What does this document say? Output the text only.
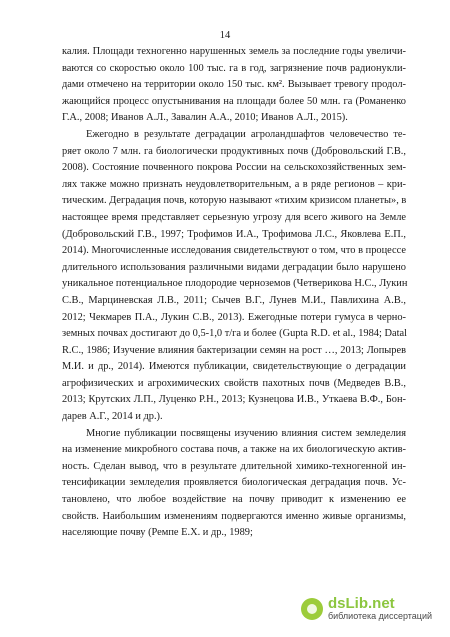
14
калия. Площади техногенно нарушенных земель за последние годы увеличи-
ваются со скоростью около 100 тыс. га в год, загрязнение почв радионукли-
дами отмечено на территории около 150 тыс. км². Вызывает тревогу продол-
жающийся процесс опустынивания на площади более 50 млн. га (Романенко
Г.А., 2008; Иванов А.Л., Завалин А.А., 2010; Иванов А.Л., 2015).
Ежегодно в результате деградации агроландшафтов человечество те-
ряет около 7 млн. га биологически продуктивных почв (Добровольский Г.В.,
2008). Состояние почвенного покрова России на сельскохозяйственных зем-
лях также можно признать неудовлетворительным, а в ряде регионов – кри-
тическим. Деградация почв, которую называют «тихим кризисом планеты», в
настоящее время представляет серьезную угрозу для всего живого на Земле
(Добровольский Г.В., 1997; Трофимов И.А., Трофимова Л.С., Яковлева Е.П.,
2014). Многочисленные исследования свидетельствуют о том, что в процессе
длительного использования различными видами деградации было нарушено
уникальное потенциальное плодородие черноземов (Четверикова Н.С., Лукин
С.В., Марциневская Л.В., 2011; Сычев В.Г., Лунев М.И., Павлихина А.В.,
2012; Чекмарев П.А., Лукин С.В., 2013). Ежегодные потери гумуса в черно-
земных почвах достигают до 0,5-1,0 т/га и более (Gupta R.D. et al., 1984; Datal
R.C., 1986; Изучение влияния бактеризации семян на рост …, 2013; Лопырев
М.И. и др., 2014). Имеются публикации, свидетельствующие о деградации
агрофизических и агрохимических свойств пахотных почв (Медведев В.В.,
2013; Крутских Л.П., Луценко Р.Н., 2013; Кузнецова И.В., Уткаева В.Ф., Бон-
дарев А.Г., 2014 и др.).
Многие публикации посвящены изучению влияния систем земледелия
на изменение микробного состава почв, а также на их биологическую актив-
ность. Сделан вывод, что в результате длительной химико-техногенной ин-
тенсификации земледелия проявляется биологическая деградация почв. Ус-
тановлено, что любое воздействие на почву приводит к изменению ее
свойств. Наибольшим изменениям подвергаются именно живые организмы,
населяющие почву (Ремпе Е.Х. и др., 1989;
dsLib.net
библиотека диссертаций
